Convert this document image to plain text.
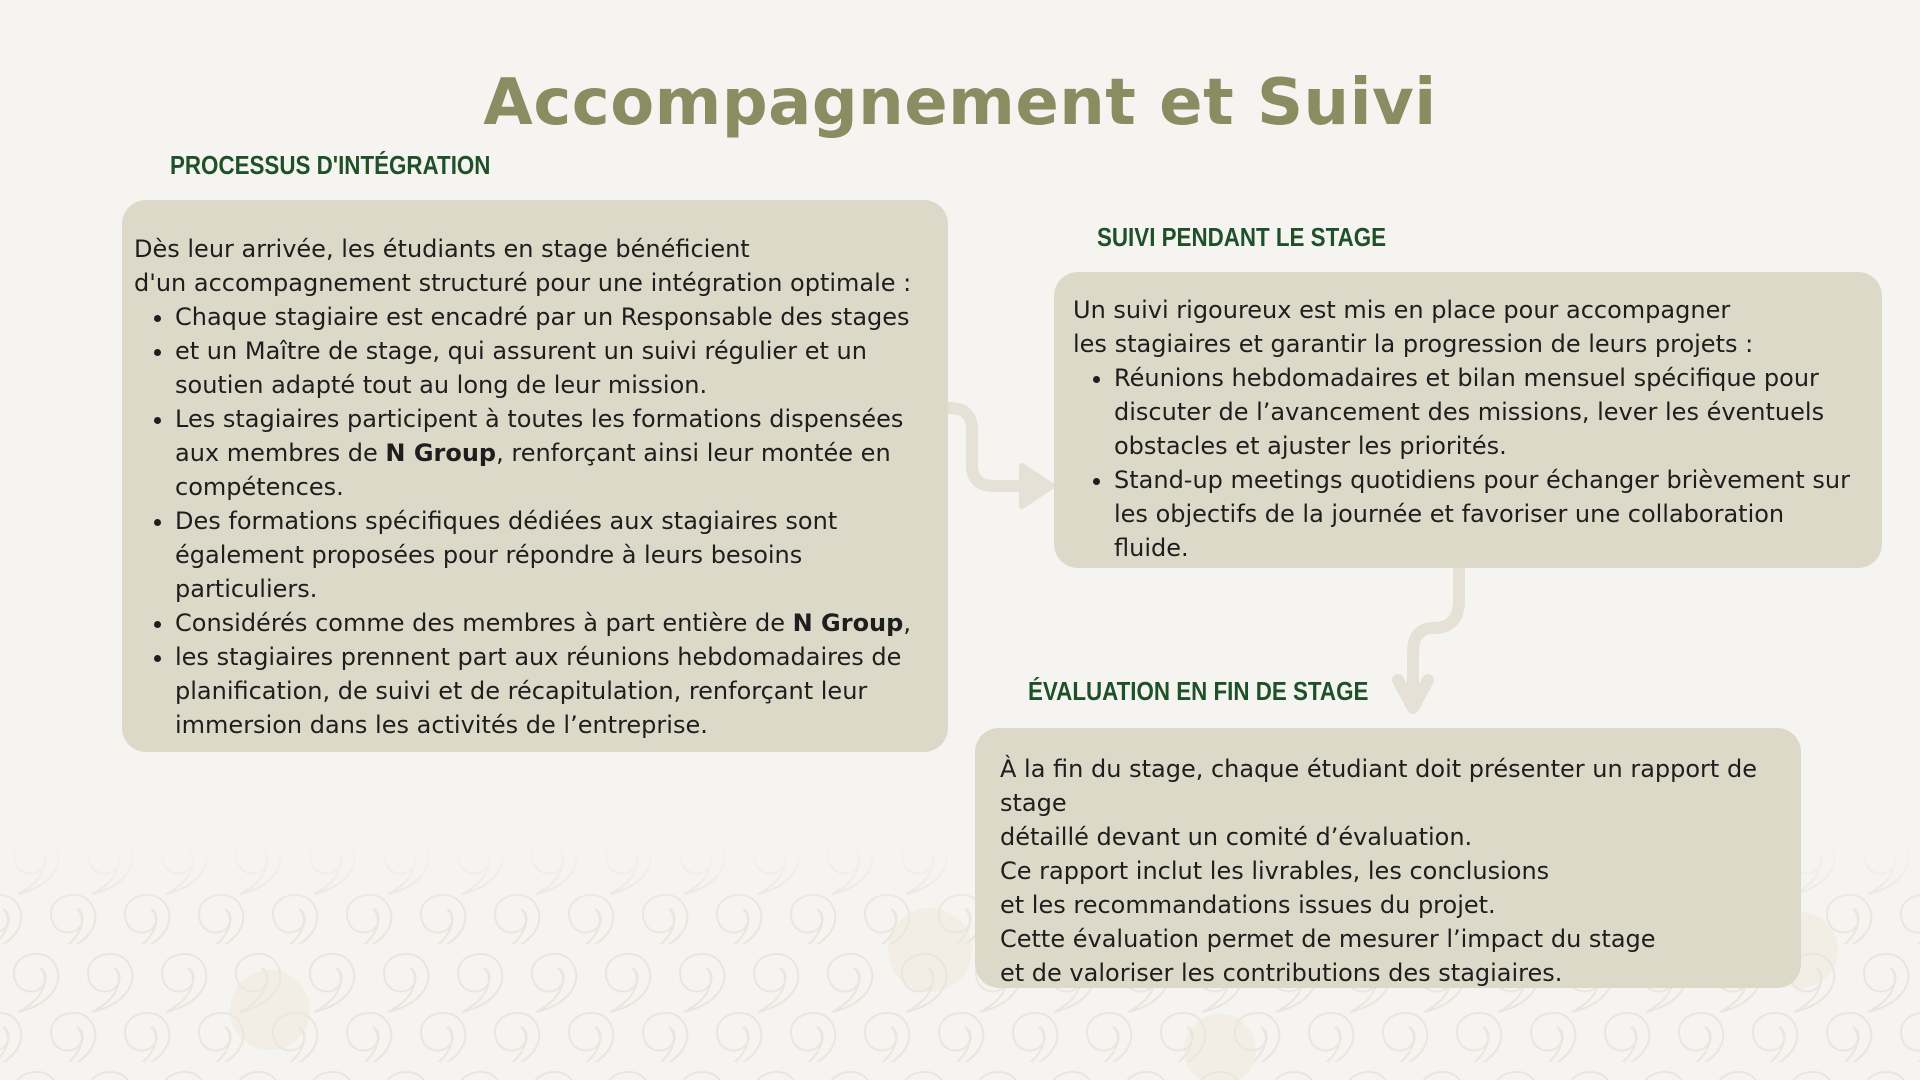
Accompagnement et Suivi
PROCESSUS D'INTÉGRATION

Dès leur arrivée, les étudiants en stage bénéficient

d'un accompagnement structuré pour une intégration optimale :

• Chaque stagiaire est encadré par un Responsable des stages
• et un Maître de stage, qui assurent un suivi régulier et un soutien adapté tout au long de leur mission.
• Les stagiaires participent à toutes les formations dispensées aux membres de N Group, renforçant ainsi leur montée en compétences.
• Des formations spécifiques dédiées aux stagiaires sont également proposées pour répondre à leurs besoins particuliers.
• Considérés comme des membres à part entière de N Group,
• les stagiaires prennent part aux réunions hebdomadaires de planification, de suivi et de récapitulation, renforçant leur immersion dans les activités de l’entreprise.
SUIVI PENDANT LE STAGE

Un suivi rigoureux est mis en place pour accompagner

les stagiaires et garantir la progression de leurs projets :

• Réunions hebdomadaires et bilan mensuel spécifique pour discuter de l’avancement des missions, lever les éventuels obstacles et ajuster les priorités.
• Stand-up meetings quotidiens pour échanger brièvement sur les objectifs de la journée et favoriser une collaboration fluide.
ÉVALUATION EN FIN DE STAGE

À la fin du stage, chaque étudiant doit présenter un rapport de stage

détaillé devant un comité d’évaluation.

Ce rapport inclut les livrables, les conclusions

et les recommandations issues du projet.

Cette évaluation permet de mesurer l’impact du stage

et de valoriser les contributions des stagiaires.
